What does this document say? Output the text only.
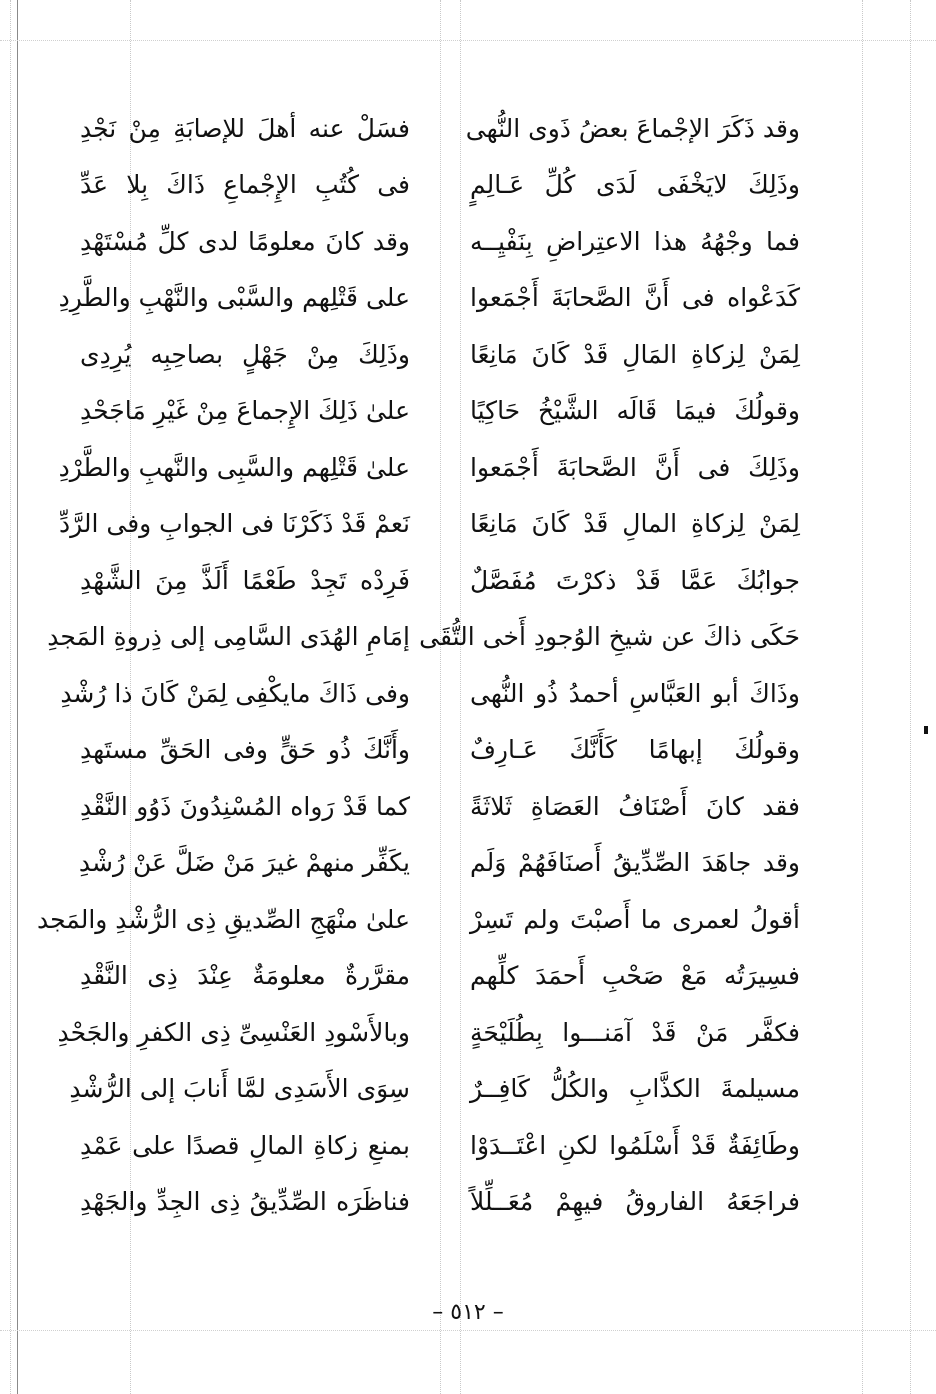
وقد ذَكَرَ الإجْماعَ بعضُ ذَوى النُّهى
فسَلْ عنه أهلَ للإصابَةِ مِنْ نَجْدِ
وذَلِكَ لايَخْفَى لَدَى كُلِّ عَـالِمٍ
فى كُتُبِ الإِجْماعِ ذَاكَ بِلا عَدِّ
فما وجْهُهُ هذا الاعتِراضِ بِنَفْيِــه
وقد كانَ معلومًا لدى كلِّ مُسْتَهْدِ
كَدَعْواه فى أَنَّ الصَّحابَةَ أَجْمَعوا
على قَتْلِهم والسَّبْى والنَّهْبِ والطَّرِدِ
لِمَنْ لِزكاةِ المَالِ قَدْ كَانَ مَانِعًا
وذَلِكَ مِنْ جَهْلٍ بصاحِبِه يُرِدِى
وقولُكَ فيمَا قَالَه الشَّيْخُ حَاكِيًا
علىٰ ذَلِكَ الإِجماعَ مِنْ غَيْرِ مَاجَحْدِ
وذَلِكَ فى أَنَّ الصَّحابَةَ أَجْمَعوا
علىٰ قَتْلِهم والسَّبِى والنَّهبِ والطَّرْدِ
لِمَنْ لِزكاةِ المالِ قَدْ كَانَ مَانِعًا
نَعمْ قَدْ ذَكَرْنَا فى الجوابِ وفى الرَّدِّ
جوابُكَ عَمَّا قَدْ ذكرْتَ مُفَصَّلٌ
فَرِدْه تَجِدْ طَعْمًا أَلَذَّ مِنَ الشَّهْدِ
حَكَى ذاكَ عن شيخِ الوُجودِ أَخى التُّقَى
إمَامِ الهُدَى السَّامِى إلى ذِروةِ المَجدِ
وذَاكَ أبو العَبَّاسِ أحمدُ ذُو النُّهى
وفى ذَاكَ مايكْفِى لِمَنْ كَانَ ذا رُشْدِ
وقولُكَ إبهامًا كَأَنَّكَ عَـارِفٌ
وأَنَّكَ ذُو حَقٍّ وفى الحَقِّ مستَهدِ
فقد كانَ أَصْنَافُ العَصَاةِ ثَلاثَةً
كما قَدْ رَواه المُسْنِدُونَ ذَوُو النَّقْدِ
وقد جاهَدَ الصِّدِّيقُ أَصنَافَهُمْ وَلَم
يكَفِّر منهمْ غيرَ مَنْ ضَلَّ عَنْ رُشْدِ
أقولُ لعمرى ما أَصبْتَ ولم تَسِرْ
علىٰ منْهَجِ الصِّديقِ ذِى الرُّشْدِ والمَجد
فسِيرَتُه مَعْ صَحْبِ أَحمَدَ كلِّهم
مقرَّرةٌ معلومَةٌ عِنْدَ ذِى النَّقْدِ
فكفَّر مَنْ قَدْ آمَنـــوا بِطُلَيْحَةٍ
وبالأَسْودِ العَنْسِىِّ ذِى الكفرِ والجَحْدِ
مسيلمةَ الكذَّابِ والكُلُّ كَافِــرٌ
سِوَى الأَسَدِى لمَّا أَنابَ إلى الرُّشْدِ
وطَائِفَةٌ قَدْ أَسْلَمُوا لكنِ اعْتَــدَوْا
بمنعِ زكاةِ المالِ قصدًا على عَمْدِ
فراجَعَهُ الفاروقُ فيهِمْ مُعَــلِّلاً
فناظَرَه الصِّدِّيقُ ذِى الجِدِّ والجَهْدِ
– ٥١٢ –
